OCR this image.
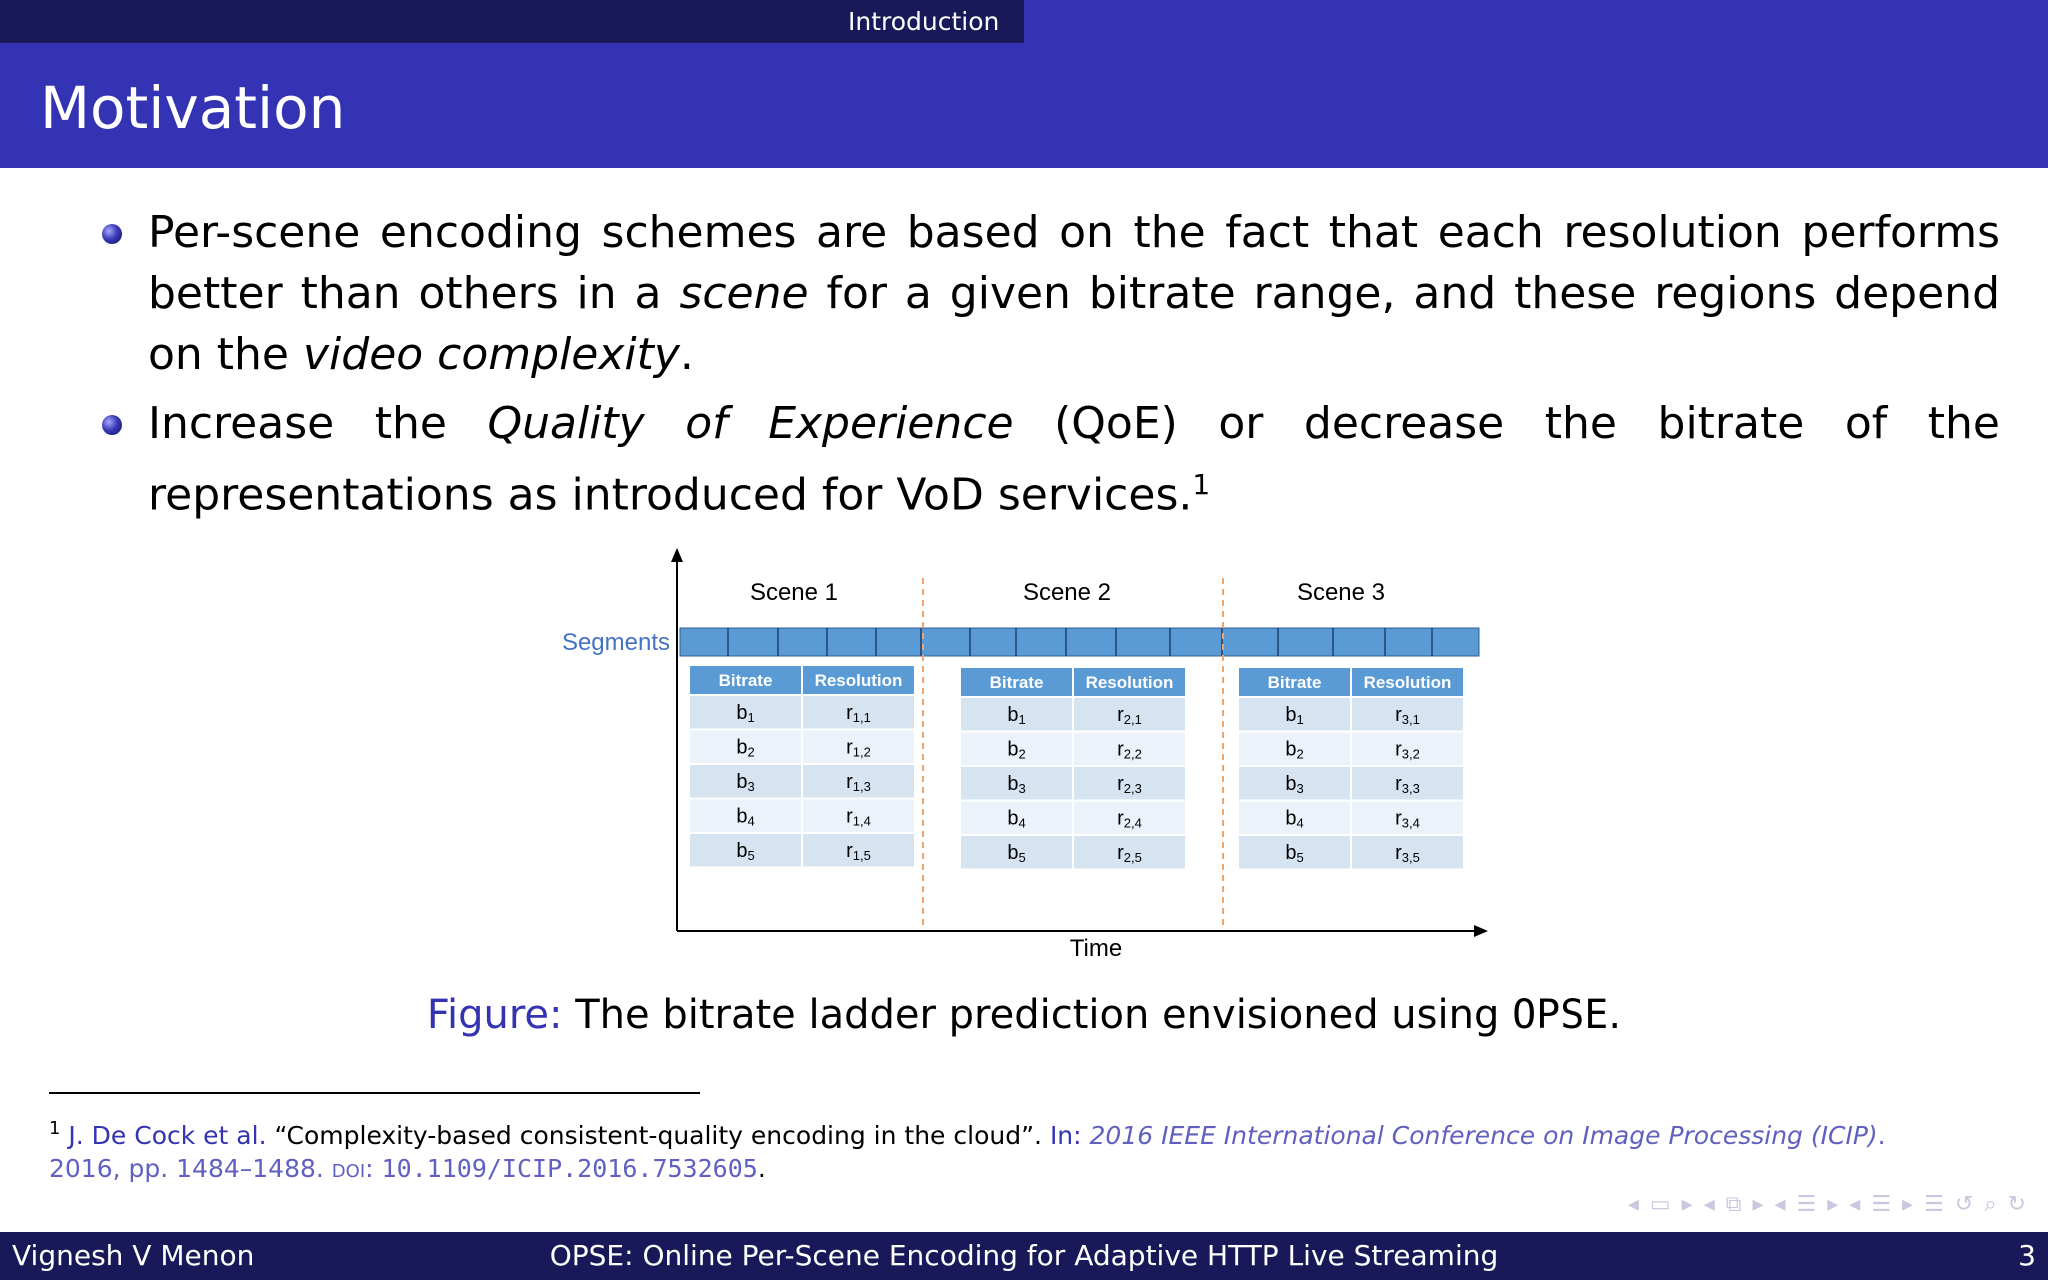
Introduction
Motivation

Per-scene encoding schemes are based on the fact that each resolution performs better than others in a scene for a given bitrate range, and these regions depend on the video complexity.

Increase the Quality of Experience (QoE) or decrease the bitrate of the representations as introduced for VoD services.$^1$

Time
Segments
Scene 1
Bitrate Resolution
b1	r1,1
b2	r1,2
b3	r1,3
b4	r1,4
b5	r1,5
Scene 2
Bitrate Resolution
b1	r2,1
b2	r2,2
b3	r2,3
b4	r2,4
b5	r2,5
Scene 3
Bitrate Resolution
b1	r3,1
b2	r3,2
b3	r3,3
b4	r3,4
b5	r3,5
Figure: The bitrate ladder prediction envisioned using OPSE.
$^1$ J. De Cock et al. “Complexity-based consistent-quality encoding in the cloud”. In: 2016 IEEE International Conference on Image Processing (ICIP). 2016, pp. 1484–1488. doi: 10.1109/ICIP.2016.7532605.
◂ ▭ ▸ ◂ ⧉ ▸ ◂ ☰ ▸ ◂ ☰ ▸ ☰ ↺ ⌕ ↻
Vignesh V Menon	OPSE: Online Per-Scene Encoding for Adaptive HTTP Live Streaming	3
